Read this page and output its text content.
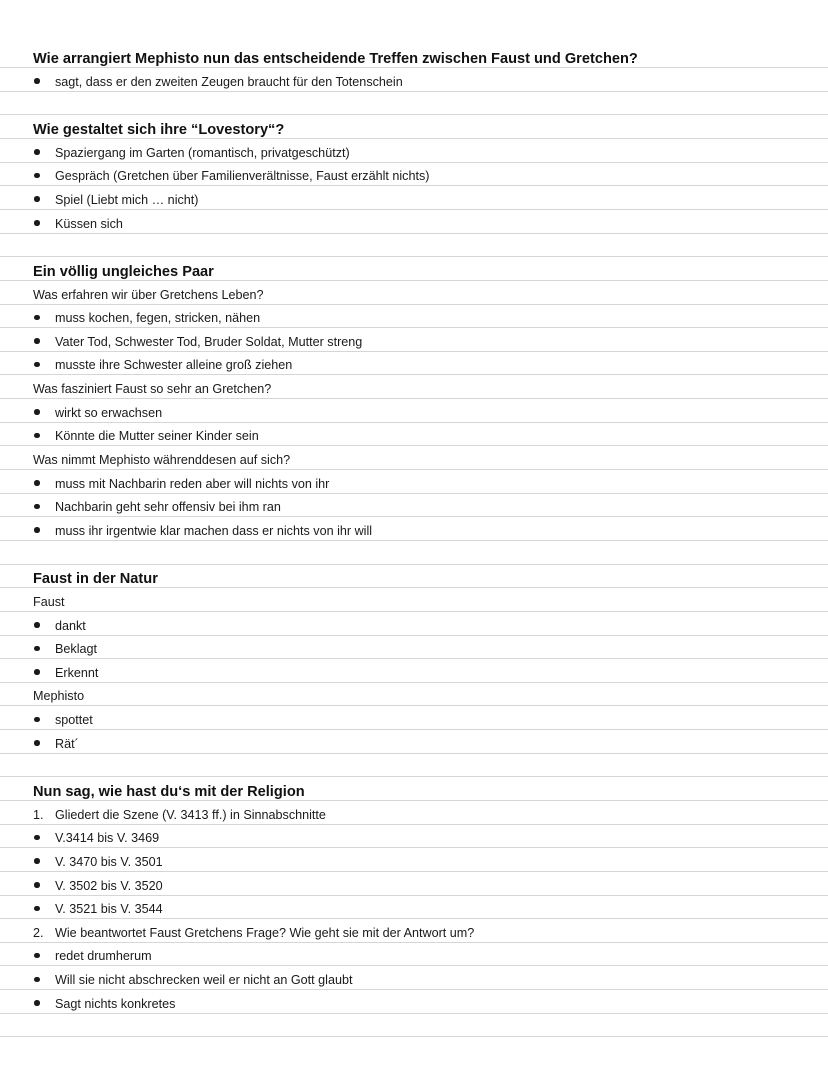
Wie arrangiert Mephisto nun das entscheidende Treffen zwischen Faust und Gretchen?
sagt, dass er den zweiten Zeugen braucht für den Totenschein
Wie gestaltet sich ihre “Lovestory“?
Spaziergang im Garten (romantisch, privatgeschützt)
Gespräch (Gretchen über Familienverältnisse, Faust erzählt nichts)
Spiel (Liebt mich … nicht)
Küssen sich
Ein völlig ungleiches Paar
Was erfahren wir über Gretchens Leben?
muss kochen, fegen, stricken, nähen
Vater Tod, Schwester Tod, Bruder Soldat, Mutter streng
musste ihre Schwester alleine groß ziehen
Was fasziniert Faust so sehr an Gretchen?
wirkt so erwachsen
Könnte die Mutter seiner Kinder sein
Was nimmt Mephisto währenddesen auf sich?
muss mit Nachbarin reden aber will nichts von ihr
Nachbarin geht sehr offensiv bei ihm ran
muss ihr irgentwie klar machen dass er nichts von ihr will
Faust in der Natur
Faust
dankt
Beklagt
Erkennt
Mephisto
spottet
Rät´
Nun sag, wie hast du‘s mit der Religion
1. Gliedert die Szene (V. 3413 ff.) in Sinnabschnitte
V.3414 bis V. 3469
V. 3470 bis V. 3501
V. 3502 bis V. 3520
V. 3521 bis V. 3544
2. Wie beantwortet Faust Gretchens Frage? Wie geht sie mit der Antwort um?
redet drumherum
Will sie nicht abschrecken weil er nicht an Gott glaubt
Sagt nichts konkretes
